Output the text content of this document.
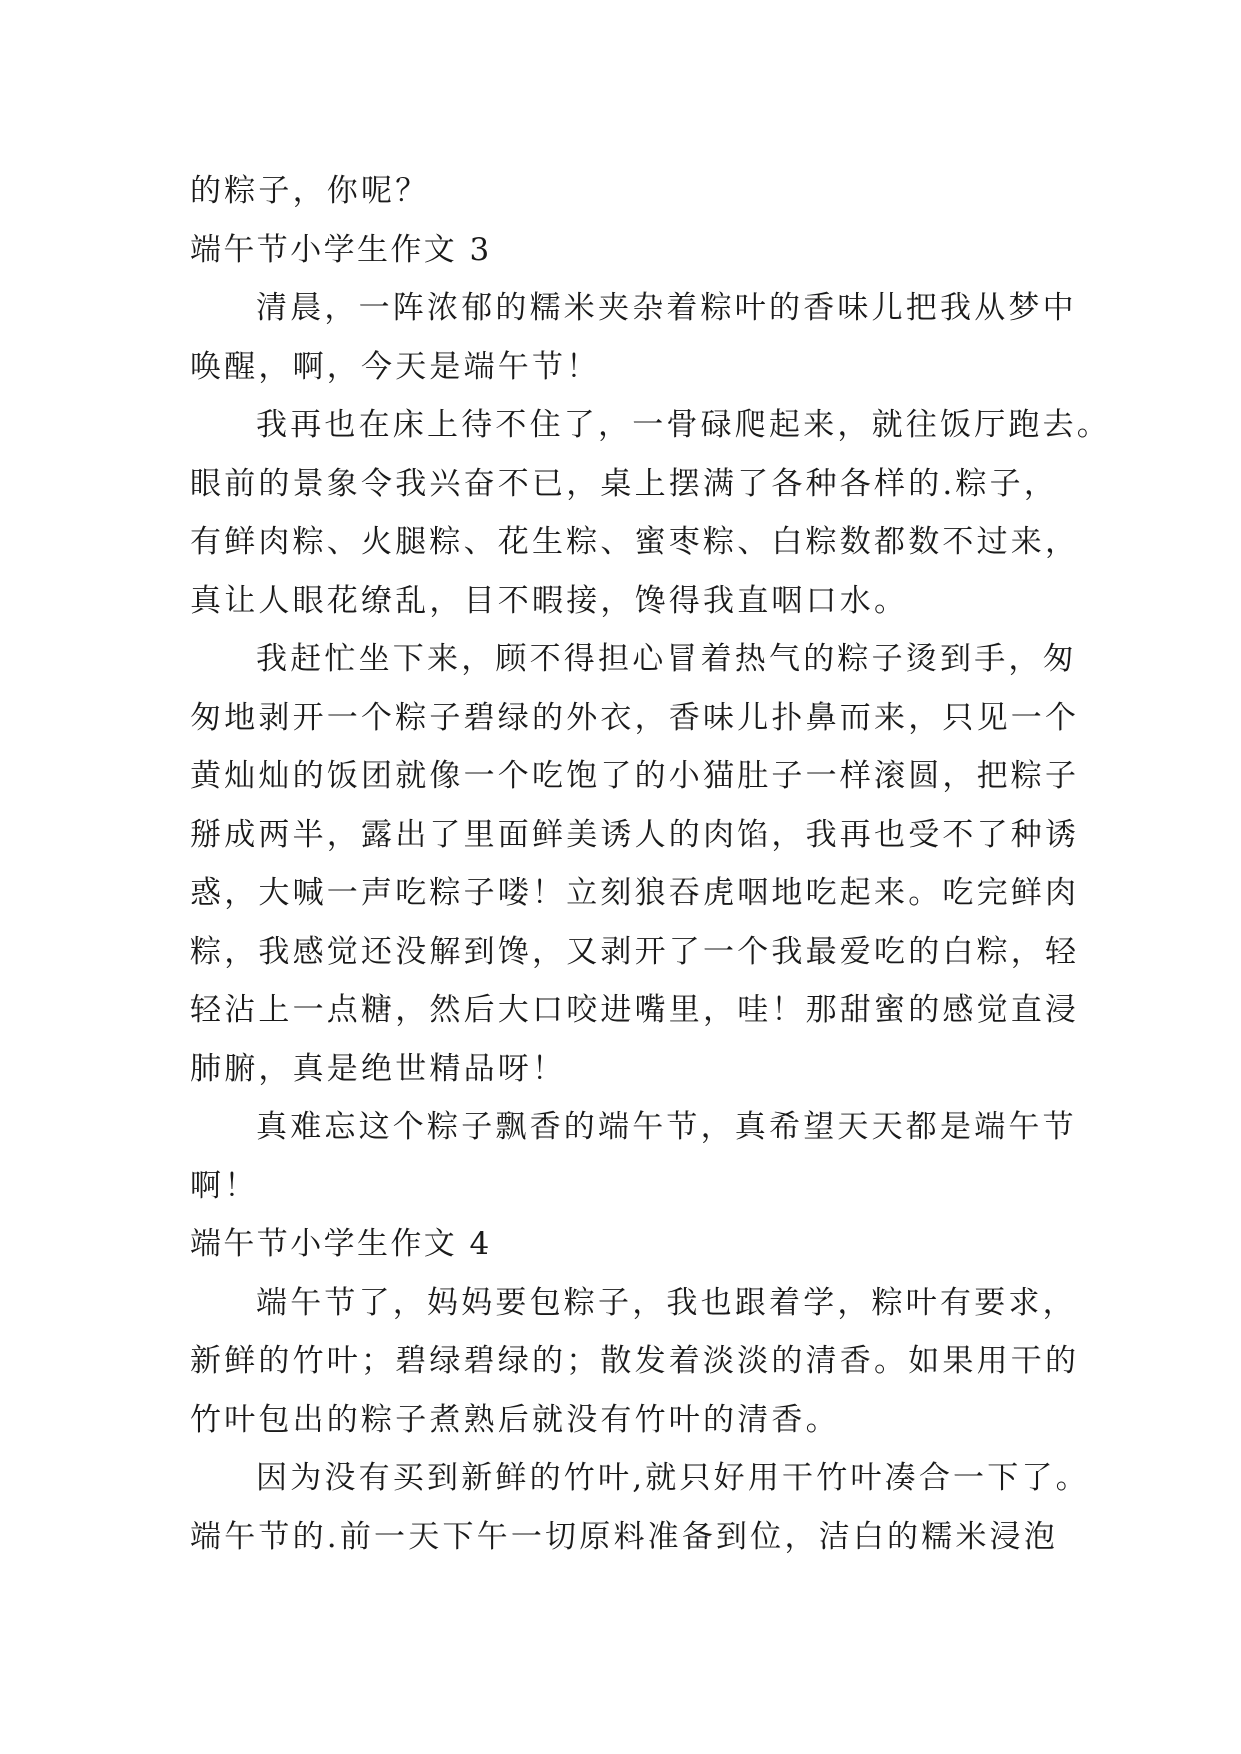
的粽子，你呢？
端午节小学生作文 3
清晨，一阵浓郁的糯米夹杂着粽叶的香味儿把我从梦中
唤醒，啊，今天是端午节！
我再也在床上待不住了，一骨碌爬起来，就往饭厅跑去。
眼前的景象令我兴奋不已，桌上摆满了各种各样的.粽子，
有鲜肉粽、火腿粽、花生粽、蜜枣粽、白粽数都数不过来，
真让人眼花缭乱，目不暇接，馋得我直咽口水。
我赶忙坐下来，顾不得担心冒着热气的粽子烫到手，匆
匆地剥开一个粽子碧绿的外衣，香味儿扑鼻而来，只见一个
黄灿灿的饭团就像一个吃饱了的小猫肚子一样滚圆，把粽子
掰成两半，露出了里面鲜美诱人的肉馅，我再也受不了种诱
惑，大喊一声吃粽子喽！立刻狼吞虎咽地吃起来。吃完鲜肉
粽，我感觉还没解到馋，又剥开了一个我最爱吃的白粽，轻
轻沾上一点糖，然后大口咬进嘴里，哇！那甜蜜的感觉直浸
肺腑，真是绝世精品呀！
真难忘这个粽子飘香的端午节，真希望天天都是端午节
啊！
端午节小学生作文 4
端午节了，妈妈要包粽子，我也跟着学，粽叶有要求，
新鲜的竹叶；碧绿碧绿的；散发着淡淡的清香。如果用干的
竹叶包出的粽子煮熟后就没有竹叶的清香。
因为没有买到新鲜的竹叶,就只好用干竹叶凑合一下了。
端午节的.前一天下午一切原料准备到位，洁白的糯米浸泡
